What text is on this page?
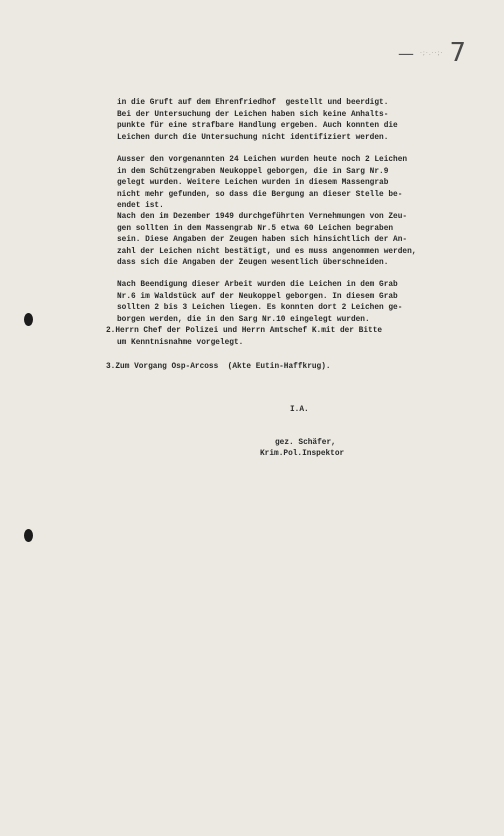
— ·;·.··;· 7
in die Gruft auf dem Ehrenfriedhof  gestellt und beerdigt.
Bei der Untersuchung der Leichen haben sich keine Anhalts-
punkte für eine strafbare Handlung ergeben. Auch konnten die
Leichen durch die Untersuchung nicht identifiziert werden.
Ausser den vorgenannten 24 Leichen wurden heute noch 2 Leichen
in dem Schützengraben Neukoppel geborgen, die in Sarg Nr.9
gelegt wurden. Weitere Leichen wurden in diesem Massengrab
nicht mehr gefunden, so dass die Bergung an dieser Stelle be-
endet ist.
Nach den im Dezember 1949 durchgeführten Vernehmungen von Zeu-
gen sollten in dem Massengrab Nr.5 etwa 60 Leichen begraben
sein. Diese Angaben der Zeugen haben sich hinsichtlich der An-
zahl der Leichen nicht bestätigt, und es muss angenommen werden,
dass sich die Angaben der Zeugen wesentlich überschneiden.
Nach Beendigung dieser Arbeit wurden die Leichen in dem Grab
Nr.6 im Waldstück auf der Neukoppel geborgen. In diesem Grab
sollten 2 bis 3 Leichen liegen. Es konnten dort 2 Leichen ge-
borgen werden, die in den Sarg Nr.10 eingelegt wurden.
2.Herrn Chef der Polizei und Herrn Amtschef K.mit der Bitte
um Kenntnisnahme vorgelegt.
3.Zum Vorgang Osp-Arcoss  (Akte Eutin-Haffkrug).
I.A.
gez. Schäfer,
Krim.Pol.Inspektor
